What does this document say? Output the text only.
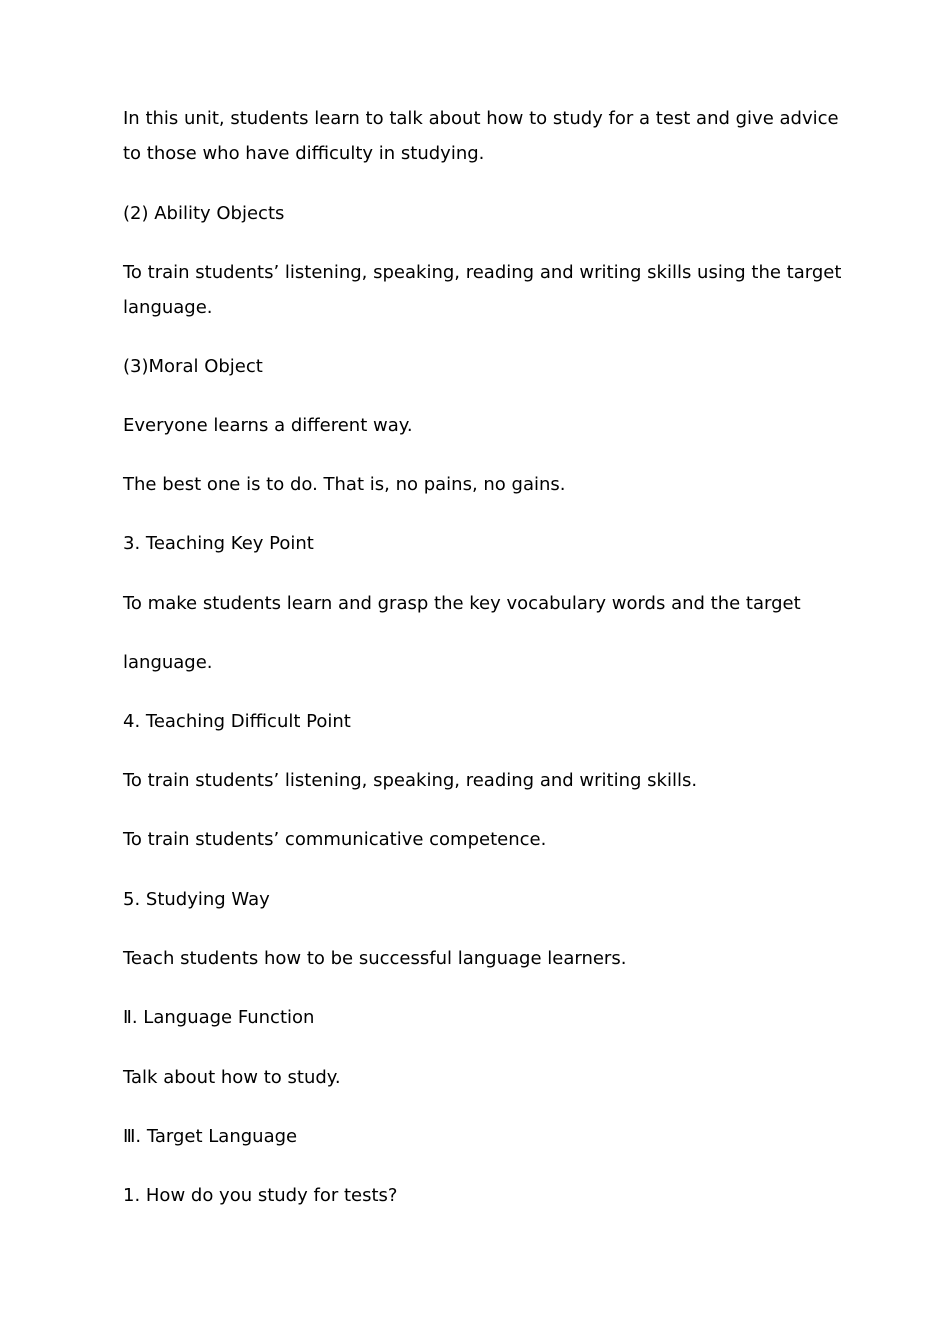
In this unit, students learn to talk about how to study for a test and give advice to those who have difficulty in studying.

(2) Ability Objects

To train students’ listening, speaking, reading and writing skills using the target language.

(3)Moral Object

Everyone learns a different way.

The best one is to do. That is, no pains, no gains.

3. Teaching Key Point

To make students learn and grasp the key vocabulary words and the target

language.

4. Teaching Difficult Point

To train students’ listening, speaking, reading and writing skills.

To train students’ communicative competence.

5. Studying Way

Teach students how to be successful language learners.

Ⅱ. Language Function

Talk about how to study.

Ⅲ. Target Language

1. How do you study for tests?
